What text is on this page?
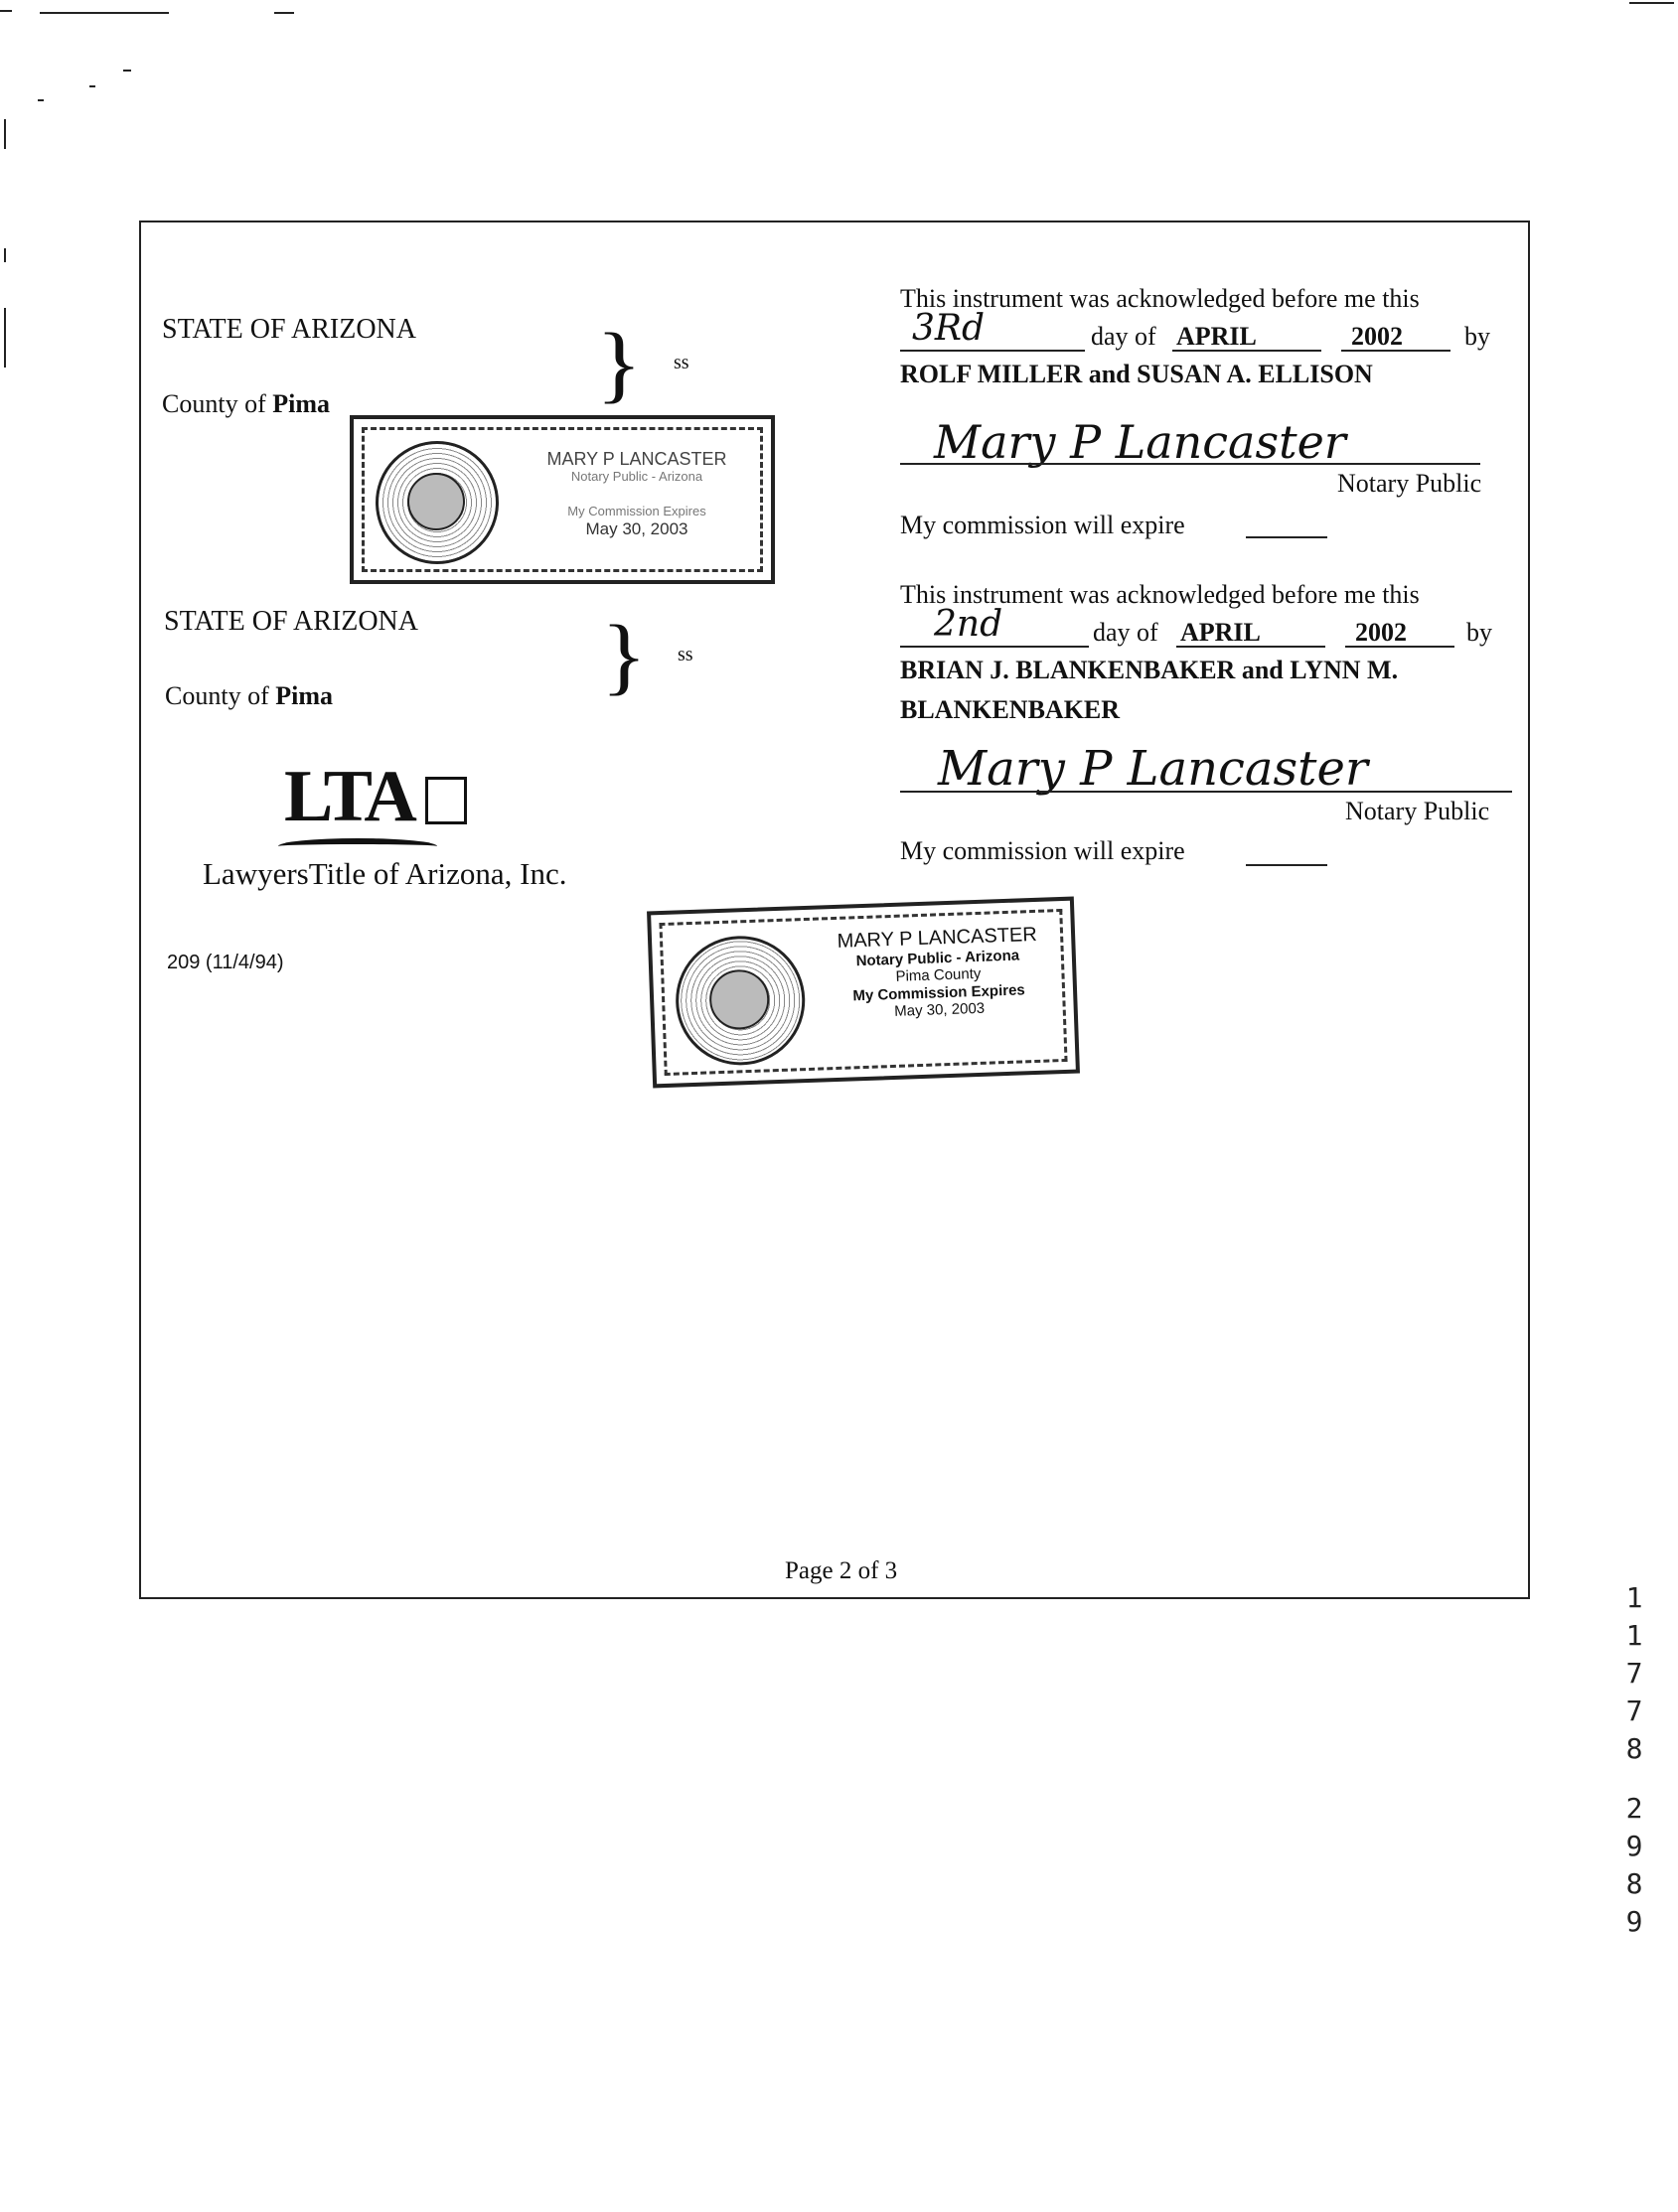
STATE OF ARIZONA
County of Pima	} ss
MARY P LANCASTER
Notary Public - Arizona
My Commission Expires
May 30, 2003
STATE OF ARIZONA
County of Pima	} ss
LTA
LawyersTitle of Arizona, Inc.
209 (11/4/94)
This instrument was acknowledged before me this
3Rd	day of APRIL	2002 by
ROLF MILLER and SUSAN A. ELLISON
Mary P Lancaster
Notary Public
My commission will expire
This instrument was acknowledged before me this
2nd	day of APRIL	2002 by
BRIAN J. BLANKENBAKER and LYNN M.
BLANKENBAKER
Mary P Lancaster
Notary Public
My commission will expire
MARY P LANCASTER
Notary Public - Arizona
Pima County
My Commission Expires
May 30, 2003
Page 2 of 3
1
1
7
7
8
2
9
8
9
